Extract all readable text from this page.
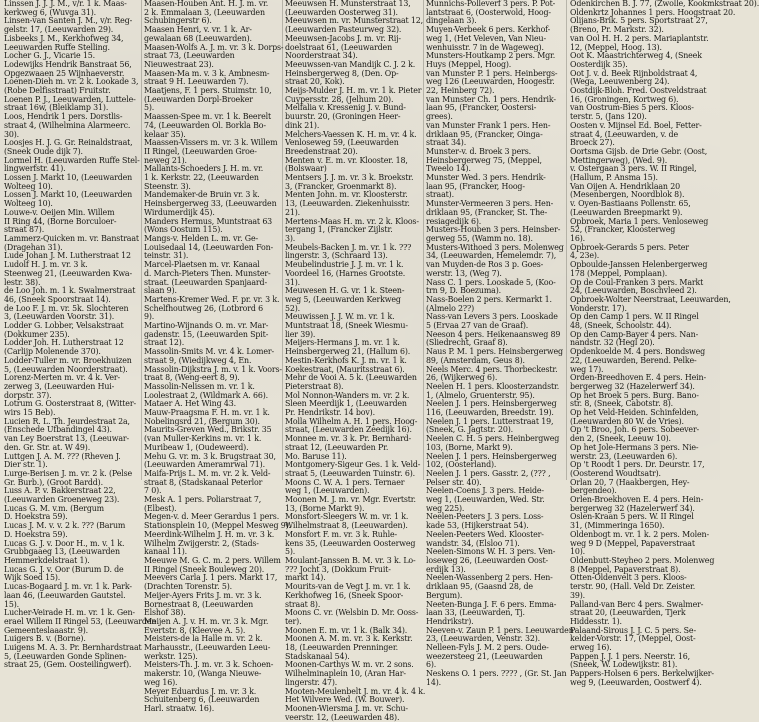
Linssen J. J. J. M., v/r. 1 k. Maas-

kerkweg 6, (Wuvga 31).

Linsen-van Santen J. M., v/r. Reg-

gelstr. 17, (Leeuwarden 29).

Lisbeeks J. M., Kerkhofweg 34,

Leeuwarden Ruffe Stelling.

Locher G. J., Vicarie 15.

Lodewijks Hendrik Banstraat 56,

Opgezwaaen 25 Wijnhaeverstr.

Loenen-Dieh m. vr. 2 k. Lookade 3,

(Robe Delfisstraat) Fruitstr.

Loenen P. J., Leeuwarden, Luttele-

straat 16w, (Bleiklamp 31).

Loos, Hendrik 1 pers. Dorstlis-

straat 4, (Wilhelmina Alarmeerc.

30).

Loosjes H. J. G. Gr. Reinaldstraat,

(Sneek Oude dijk 7).

Lormel H. (Leeuwarden Ruffe Stel-

lingwerfstr. 41).

Lossen J. Markt 10, (Leeuwarden

Wolteeg 10).

Lossen J. Markt 10, (Leeuwarden

Wolteeg 10).

Louwe-v. Oeijen Min. Willem

II Ring 44, (Borne Borculoer-

straat 87).

Lammerz-Quicken m. vr. Banstraat

(Dragehan 31).

Lude Johan J. M. Lutherstraat 12

Ludolf H. J. m. vr. 3 k.

Steenweg 21, (Leeuwarden Kwa-

lestr. 38).

de Loo Joh. m. 1 k. Swalmerstraat

46, (Sneek Spoorstraat 14).

de Loo F. J. m. vr. 5k. Slochteren

3, (Leeuwarden Voorstr. 31).

Lodder G. Lobber, Velsakstraat

(Dokkumer 235).

Lodder Joh. H. Lutherstraat 12

(Carlijp Molenende 370).

Lodder-Tuller m. vr. Broekhuizen

5, (Leeuwarden Noorderstraat).

Lorenz-Merten m. vr. 4 k. Ver-

zerweg 3, (Leeuwarden Hui-

dorpstr. 37).

Lotrum G. Oosterstraat 8, (Witter-

wirs 15 Beb).

Lucien R. L. Th. Jeurdestraat 2a,

(Enschede Ufbandingel 43).

van Ley Boerstrat 13, (Leeuwar-

den. Gr. Str. at. W 49).

Luttgen J. A. M. ??? (Rheven J.

Dier str. 1).

Lurge-Berisen J. m. vr. 2 k. (Pelse

Gr. Burb.), (Groot Bardd).

Luss A. P. v. Bakkerstraat 22,

(Leeuwarden Groeneweg 23).

Lucas G. M. v.m. (Bergum

D. Hoekstra 59).

Lucas J. M. v. v. 2 k. ??? (Barum

D. Hoekstra 59).

Lucas G. J. v. Door H., m. v. 1 k.

Grubbgaaeg 13, (Leeuwarden

Hemmerkdelstraat 1).

Lucas G. J. v. Oor (Burum D. de

Wijk Soed 15).

Lucas-Bogaard J. m. vr. 1 k. Park-

laan 46, (Leeuwarden Gautstel.

15).

Lucher-Veirade H. m. vr. 1 k. Gen-

erael Willem II Ringel 53, (Leeuwarden

Gemeenteslaaastr. 9).

Luigers B. v. (Borne).

Luigens M. A. 3. Pr. Bernhardstraat

5, (Leeuwarden Gonde Splinen-

straat 25, (Gem. Oosteilingwerf).

Maasen-Houben Ant. H. J. m. vr.

2 k. Emmalaan 3, (Leeuwarden

Schubingerstr 6).

Maasen Henri, v. vr. 1 k. Ar-

gewalaan 68 (Leeuwarden).

Maasen-Wolfs A. J. m. vr. 3 k. Dorps-

straat 73, (Leeuwarden

Nieuwestraat 23).

Maasen-Ma m. v. 3 k. Ambnesm-

straat 9 H. Leeuwarden 7).

Maatjens, F. 1 pers. Stuimstr. 10,

(Leeuwarden Dorpl-Broeker

5).

Maassen-Spee m. vr. 1 k. Beerelt

74, (Leeuwarden Ol. Borkla Bo-

kelaar 35).

Maassen-Vissers m. vr. 3 k. Willem

II Ringel, (Leeuwarden Groe-

neweg 21).

Mallants-Schoeders J. H. m. vr.

1 k. Kerkstr. 22, (Leeuwarden

Steenstr. 3).

Mandemaker-de Bruin vr. 3 k.

Heinsbergerweg 33, (Leeuwarden

Wirdumerdijk 45).

Manders Hermus, Muntstraat 63

(Wons Oostum 115).

Mangs-v. Helden L. m. vr. Ge-

Louisedaal 14, (Leeuwarden Fon-

teinstr. 31).

Marcel-Plaetsen m. vr. Kanaal

d. March-Pieters Then. Munster-

straat. (Leeuwarden Spanjaard-

slaan 9).

Martens-Kremer Wed. F. pr. vr. 3 k.

Schelfhoutweg 26, (Lotbrord 6

9).

Martino-Wijnands O. m. vr. Mar-

gadenstr. 15, (Leeuwarden Spit-

straat 12).

Massolin-Smits M. vr. 4 k. Lomer-

straat 9, (Wiedijkweg 4, En.

Massolin-Dijkstra J. m. v. 1 k. Voors-

traat 8, (Weng-eert 8, 9).

Massolin-Nelissen m. vr. 1 k.

Loolestraat 2, (Wildmark A. 66).

Mataer A. Het Wing 43.

Mauw-Praagsma F. H. m. vr. 1 k.

Nobelingsrd 21, (Bergum 30).

Maurits-Greven Wed., Brikstr. 35

(van Muller-Kerkins m. vr. 1 k.

Muribeaw 1, (Oudeweerd).

Mehu G. vr. m. 3 k. Brugstraat 30,

(Leeuwarden Ameramrwal 71).

Maifa-Prijs L. M. m. vr. 2 k. Veld-

straat 8, (Stadskanaal Peterlor

7 0).

Mesk A. 1 pers. Poliarstraat 7,

(Elbest).

Megen-v. d. Meer Gerardus 1 pers.

Stationsplein 10, (Meppel Mesweg 9).

Meerdink-Wilhelm J. H. m. vr. 3 k.

Wilhelm Zwijgerstr. 2, (Stads-

kanaal 11).

Meeuwe M. G. C. m. 2 pers. Willem

II Ringel (Sneek Bouleweg 20).

Meevers Carla J. 1 pers. Markt 17,

(Drachten Torenstr. 5).

Meijer-Ayers Frits J. m. vr. 3 k.

Bornestraat 8, (Leeuwarden

Elshof 38).

Meijen A. J. v. H. m. vr. 3 k. Mgr.

Evertstr. 8, (Kleevee A. 5).

Meisters-de la Halle m. vr. 2 k.

Marhausstr., (Leeuwarden Leeu-

werkstr. 125).

Meisters-Th. J. m. vr. 3 k. Schoen-

makerstr. 10, (Wanga Nieuwe-

weg 16).

Meyer Eduardus J. m. vr. 3 k.

Schuitenberg 6, (Leeuwarden

Harl. straatw. 16).

Meeuwsen H. Munsterstraat 13,

(Leeuwarden Oosterweg 31).

Meeuwsen m. vr. Munsterstraat 12,

(Leeuwarden Pasteurweg 32).

Meeuwsen-Jacobs J. m. vr. Rij-

doelstraat 61, (Leeuwarden

Noorderstraat 34).

Meeuwssen-van Mandijk C. J. 2 k.

Heinsbergerweg 8, (Den. Op-

straat 20, Kok).

Meijs-Mulder J. H. m. vr. 1 k. Pieter

Cuypersstr. 28, (Jelhum 20).

Melfalia v. Kressenig J. v. Bund-

buurstr. 20, (Groningen Heer-

dink 21).

Melchers-Vaessen K. H. m. vr. 4 k.

Venloseweg 59, (Leeuwarden

Breedenstraat 20).

Menten v. E. m. vr. Klooster. 18,

(Bolswaar)

Mentsers J. J. m. vr. 3 k. Broekstr.

3, (Francker, Groenmarkt 8).

Menten John. m. vr. Kloosterstr.

13, (Leeuwarden. Ziekenhuisstr.

21).

Mertens-Maas H. m. vr. 2 k. Kloos-

tergang 1, (Francker Zijlstr.

3).

Meubels-Backen J. m. vr. 1 k. ???

lingerstr. 3, (Schraard 13).

Meubelindustrie J. J. m. vr. 1 k.

Voordeel 16, (Harnes Grootste.

31).

Meuwesen H. G. vr. 1 k. Steen-

weg 5, (Leeuwarden Kerkweg

52).

Meuwissen J. J. W. m. vr. 1 k.

Muntstraat 18, (Sneek Wiesmu-

lier 39).

Meijers-Hermans J. m. vr. 1 k.

Heinsbergerweg 21, (Hallum 6).

Mestin-Kerkhofs K. J. m. vr. 1 k.

Koekestraat, (Mauritsstraat 6).

Mehr de Vooi A. 5 k. (Leeuwarden

Pieterstraat 8).

Mol Nonnon-Wanders m. vr. 2 k.

Sleen Meerdijk 1, (Leeuwarden

Pr. Hendrikstr. 14 bov).

Molla Wilhelm A. H. 1 pers. Hoog-

straat, (Leeuwarden Zeedijk 16).

Monnee m. vr. 3 k. Pr. Bernhard-

straat 12, (Leeuwarden Pr.

Mo. Baruse 11).

Montgomery-Sigeur Ges. 1 k. Veld-

straat 5, (Leeuwarden Tuinstr. 6).

Moons C. W. A. 1 pers. Ternaer

weg 1, (Leeuwarden).

Moonen M. J. m. vr. Mgr. Evertstr.

13, (Borne Markt 9).

Monsfort-Sleegers W. m. vr. 1 k.

Wilhelmstraat 8, (Leeuwarden).

Monsfort F. m. vr. 3 k. Ruhle-

kens 35, (Leeuwarden Oosterweg

5).

Moulant-Janssen B. M. vr. 3 k. Lo-

??? Jocht 3, (Dokkum Fruit-

markt 14).

Mourits-van de Vegt J. m. vr. 1 k.

Kerkhofweg 16, (Sneek Spoor-

straat 8).

Moons C. vr. (Welsbin D. Mr. Ooss-

ter).

Moonen E. m. vr. 1 k. (Balk 34).

Moonen A. M. m. vr. 3 k. Kerkstr.

18, (Leeuwarden Prenninger.

Stadskanaal 54).

Moonen-Carthys W. m. vr. 2 sons.

Wilhelminaplein 10, (Aran Har-

lingerstr. 47).

Mooten-Meulenbelt J. m. vr. 4 k. 4 k.

Het Wilvere Wed. (W. Bouwer).

Moonen-Wiersma J. m. vr. Schu-

veerstr. 12, (Leeuwarden 48).

Munnichs-Polleverf 3 pers. P. Pot-

lantstraat 6, (Oosterwold, Hoog-

dingelaan 3).

Muyen-Verbeek 6 pers. Kerkhof-

weg 1, (Het Veleven, Van Nieu-

wenhuisstr. 7 in de Wageweg).

Munsters-Houtkamp 2 pers. Mgr.

Huys (Meppel, Hoog).

van Munster P. 1 pers. Heinbergs-

weg 126 (Leeuwarden, Hoogestr.

22, Heinberg 72).

van Munster Ch. 1 pers. Hendrik-

laan 95, (Francker, Oostersi-

grees).

van Munster Frank 1 pers. Hen-

driklaan 95, (Francker, Oinga-

straat 34).

Munster-v. d. Broek 3 pers.

Heinsbergerweg 75, (Meppel,

Tweelo 14).

Munster Wed. 3 pers. Hendrik-

laan 95, (Francker, Hoog-

straat).

Munster-Vermeeren 3 pers. Hen-

driklaan 95, (Francker, St. The-

resiagedijk 6).

Musters-Houben 3 pers. Heinsber-

gerweg 55, (Wamm no. 18).

Musters-Withoed 3 pers. Molenweg

34, (Leeuwarden, Hemelemdr. 7),

van Muyden-de Ros 3 p. Goes-

werstr. 13, (Weg 7).

Nass C. 1 pers. Looskade 5, (Koo-

trn 9, D. Boezuma).

Nass-Boelen 2 pers. Kermarkt 1.

(Almelo 2??)

Nass-van Levers 3 pers. Looskade

5 (Ervaa 27 van de Graaf).

Neeson 4 pers. Heikenaansweg 89

(Sliedrecht, Graaf 8).

Naus P. M. 1 pers. Heinsbergerweg

89, (Amsterdam, Geus 8).

Neels Merc. 4 pers. Thorbeckestr.

26, (Wijkerweg 6).

Neelen H. 1 pers. Kloosterzandstr.

1, (Almelo, Gruenterstr. 95).

Neelen J. 1 pers. Heinsbergerweg

116, (Leeuwarden, Breedstr. 19).

Neelen J. 1 pers. Lutterstraat 19,

(Sneek, G. Jagtstr. 20).

Neelen C. H. 5 pers. Heinbergweg

103, (Borne, Markt 9).

Neelen J. 1 pers. Heinsbergerweg

102, (Oosterland).

Neelen J. 1 pers. Gasstr. 2, (??? ,

Pelser str. 40).

Neelen-Coens J. 3 pers. Heide-

weg 1, (Leeuwarden, Wed. Str.

weg 225).

Neelen-Peeters J. 3 pers. Loss-

kade 53, (Hijkerstraat 54).

Neelen-Peeters Wed. Klooster-

wandstr. 34, (Elsloo 71).

Neelen-Simons W. H. 3 pers. Ven-

loseweg 26, (Leeuwarden Oost-

erdijk 13).

Neelen-Wassenberg 2 pers. Hen-

driklaan 95, (Gaasnd 28, de

Bergum).

Neeten-Bunga J. F. 6 pers. Emma-

laan 33, (Leeuwarden, Tj.

Hendrikstr).

Neeven-v. Zaun P. 1 pers. Leeuwarden

23, (Leeuwarden, Venstr. 32).

Nelleen-Fyls J. M. 2 pers. Oude-

weezersteeg 21, (Leeuwarden

6).

Neskens O. 1 pers. ???? , (Gr. St. Jan

14).

Odenkirchen B. J. 77, (Zwolle, Kookmkstraat 20).

Oldenkrtz Johannes 1 pers. Hoogstraat 20.

Olijans-Brik. 5 pers. Sportstraat 27,

(Breno, Pr. Markstr. 32).

van Ool H. H. 2 pers. Mariaplantstr.

12, (Meppel, Hoog. 13).

Oot K. Maastrichterweg 4, (Sneek

Oosterdijk 35).

Oot J. v. d. Beek Rijnboldstraat 4,

(Wega, Leeuwenberg 24).

Oostdijk-Bloh. Fred. Oostveldstraat

16, (Groningen, Kortweg 6).

van Oostrum-Bies 5 pers. Kloos-

terstr. 5, (Jans 120).

Oosten v. Mijnsel Ed. Boel, Fetter-

straat 4, (Leeuwarden, v. de

Broeck 27).

Oortsma Gijsb. de Drie Gebr. (Oost,

Mettingerweg), (Wed. 9).

v. Ostergaan 3 pers. W. II Ringel,

(Hallum, P. Ansma 15).

Van Oijen A. Hendriklaan 20

(Mesenbergen, Noordblok 8).

v. Oyen-Bastiaans Pollenstr. 65,

(Leeuwarden Breepmarkt 9).

Opbroek, Maria 1 pers. Venloseweg

52, (Francker, Kloosterweg

16).

Opbroek-Gerards 5 pers. Peter

4, 23e).

Opboulde-Janssen Helenbergerweg

178 (Meppel, Pomplaan).

Op de Coul-Franken 3 pers. Markt

24, (Leeuwarden, Boschvleed 2).

Opbroek-Wolter Neerstraat, Leeuwarden,

Vonderstr. 17).

Op den Camp 1 pers. W. II Ringel

48, (Sneek, Schoolstr. 44).

Op den Camp-Bayer 4 pers. Nan-

nandstr. 32 (Hegl 20).

Opdenkoelde M. 4 pers. Bondsweg

22, (Leeuwarden, Berend. Pelke-

weg 17).

Orden-Breedhoven E. 4 pers. Hein-

bergerweg 32 (Hazelerwerf 34).

Op het Broek 5 pers. Burg. Bano-

str. 8, (Sneek, Cabotstr. 8).

Op het Veld-Heiden. Schinfelden,

(Leeuwarden 80 W. de Vries).

Op 't Broo, Joh. 6 pers. Sobeever-

den 2, (Sneek, Leeuw 10).

Op het Jole-Hermans 3 pers. Nie-

werstr. 23, (Leeuwarden 6).

Op 't Roodt 1 pers. Dr. Deurstr. 17,

(Oosterend Woudtsatr).

Orlan 20, 7 (Haakbergen, Hey-

bergendeo).

Orlen-Broekhoven E. 4 pers. Hein-

bergerweg 32 (Hazelerwerf 34).

Oslen-Kraan 5 pers. W. II Ringel

31, (Mimmeringa 1650).

Oldenbogt m. vr. 1 k. 2 pers. Molen-

weg 9 D (Meppel, Papaverstraat

10).

Oldenbutt-Steyheo 2 pers. Molenweg

8 (Meppel, Papaverstraat 8).

Otten-Oldenvelt 3 pers. Kloos-

terstr. 90, (Hall. Veld Dr. Zeister.

39).

Palland-van Berc 4 pers. Swalmer-

straat 20, (Leeuwarden, Tjerk

Hiddesstr. 1).

Palaand-Sirous J. J. C. 5 pers. Se-

kelder-Vorstr. 17, (Meppel, Oost-

erweg 16).

Pappen J. J. 1 pers. Neerstr. 16,

(Sneek, W. Lodewijkstr. 81).

Pappers-Holsen 6 pers. Berkelwijker-

weg 9, (Leeuwarden, Oostwerf 4).
